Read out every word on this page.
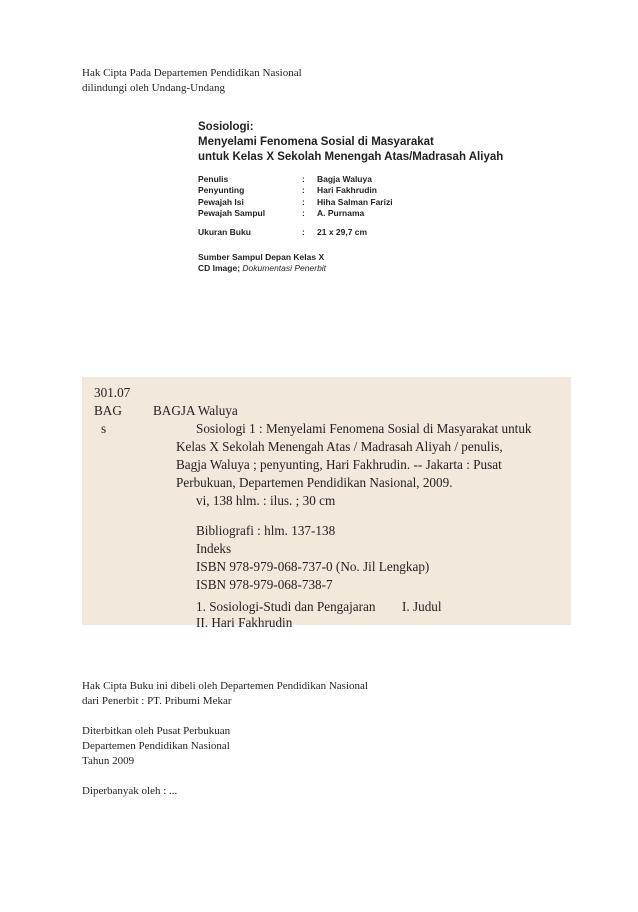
Hak Cipta Pada Departemen Pendidikan Nasional
dilindungi oleh Undang-Undang
Sosiologi:
Menyelami Fenomena Sosial di Masyarakat
untuk Kelas X Sekolah Menengah Atas/Madrasah Aliyah
Penulis	:	Bagja Waluya
Penyunting	:	Hari Fakhrudin
Pewajah Isi	:	Hiha Salman Farizi
Pewajah Sampul	:	A. Purnama
Ukuran Buku	:	21 x 29,7 cm
Sumber Sampul Depan Kelas X
CD Image; Dokumentasi Penerbit
301.07
BAG
s
BAGJA Waluya
Sosiologi 1 : Menyelami Fenomena Sosial di Masyarakat untuk
Kelas X Sekolah Menengah Atas / Madrasah Aliyah / penulis,
Bagja Waluya ; penyunting, Hari Fakhrudin. -- Jakarta : Pusat
Perbukuan, Departemen Pendidikan Nasional, 2009.
vi, 138 hlm. : ilus. ; 30 cm
Bibliografi : hlm. 137-138
Indeks
ISBN 978-979-068-737-0 (No. Jil Lengkap)
ISBN 978-979-068-738-7
1. Sosiologi-Studi dan Pengajaran I. Judul
II. Hari Fakhrudin

Hak Cipta Buku ini dibeli oleh Departemen Pendidikan Nasional
dari Penerbit : PT. Pribumi Mekar

Diterbitkan oleh Pusat Perbukuan
Departemen Pendidikan Nasional
Tahun 2009

Diperbanyak oleh : ...
